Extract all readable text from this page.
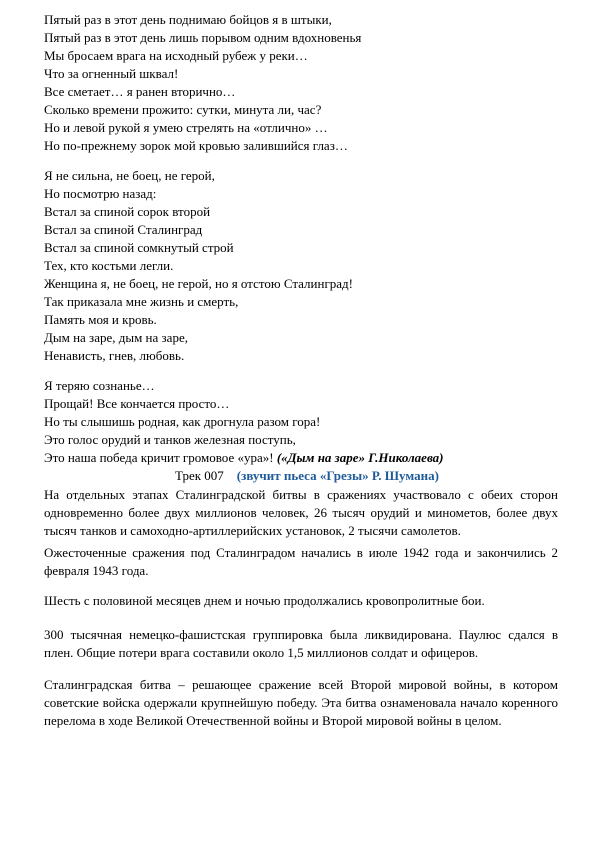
Пятый раз в этот день поднимаю бойцов я в штыки,
Пятый раз в этот день лишь порывом одним вдохновенья
Мы бросаем врага на исходный рубеж у реки…
Что за огненный шквал!
Все сметает… я ранен вторично…
Сколько времени прожито: сутки, минута ли, час?
Но и левой рукой я умею стрелять на «отлично» …
Но по-прежнему зорок мой кровью залившийся глаз…
Я не сильна, не боец, не герой,
Но посмотрю назад:
Встал за спиной сорок второй
Встал за спиной Сталинград
Встал за спиной сомкнутый строй
Тех, кто костьми легли.
Женщина я, не боец, не герой, но я отстою Сталинград!
Так приказала мне жизнь и смерть,
Память моя и кровь.
Дым на заре, дым на заре,
Ненависть, гнев, любовь.
Я теряю сознанье…
Прощай! Все кончается просто…
Но ты слышишь родная, как дрогнула разом гора!
Это голос орудий и танков железная поступь,
Это наша победа кричит громовое «ура»! («Дым на заре» Г.Николаева)
Трек 007 (звучит пьеса «Грезы» Р. Шумана)
На отдельных этапах Сталинградской битвы в сражениях участвовало с обеих сторон одновременно более двух миллионов человек, 26 тысяч орудий и минометов, более двух тысяч танков и самоходно-артиллерийских установок, 2 тысячи самолетов.
Ожесточенные сражения под Сталинградом начались в июле 1942 года и закончились 2 февраля 1943 года.
Шесть с половиной месяцев днем и ночью продолжались кровопролитные бои.
300 тысячная немецко-фашистская группировка была ликвидирована. Паулюс сдался в плен. Общие потери врага составили около 1,5 миллионов солдат и офицеров.
Сталинградская битва – решающее сражение всей Второй мировой войны, в котором советские войска одержали крупнейшую победу. Эта битва ознаменовала начало коренного перелома в ходе Великой Отечественной войны и Второй мировой войны в целом.
